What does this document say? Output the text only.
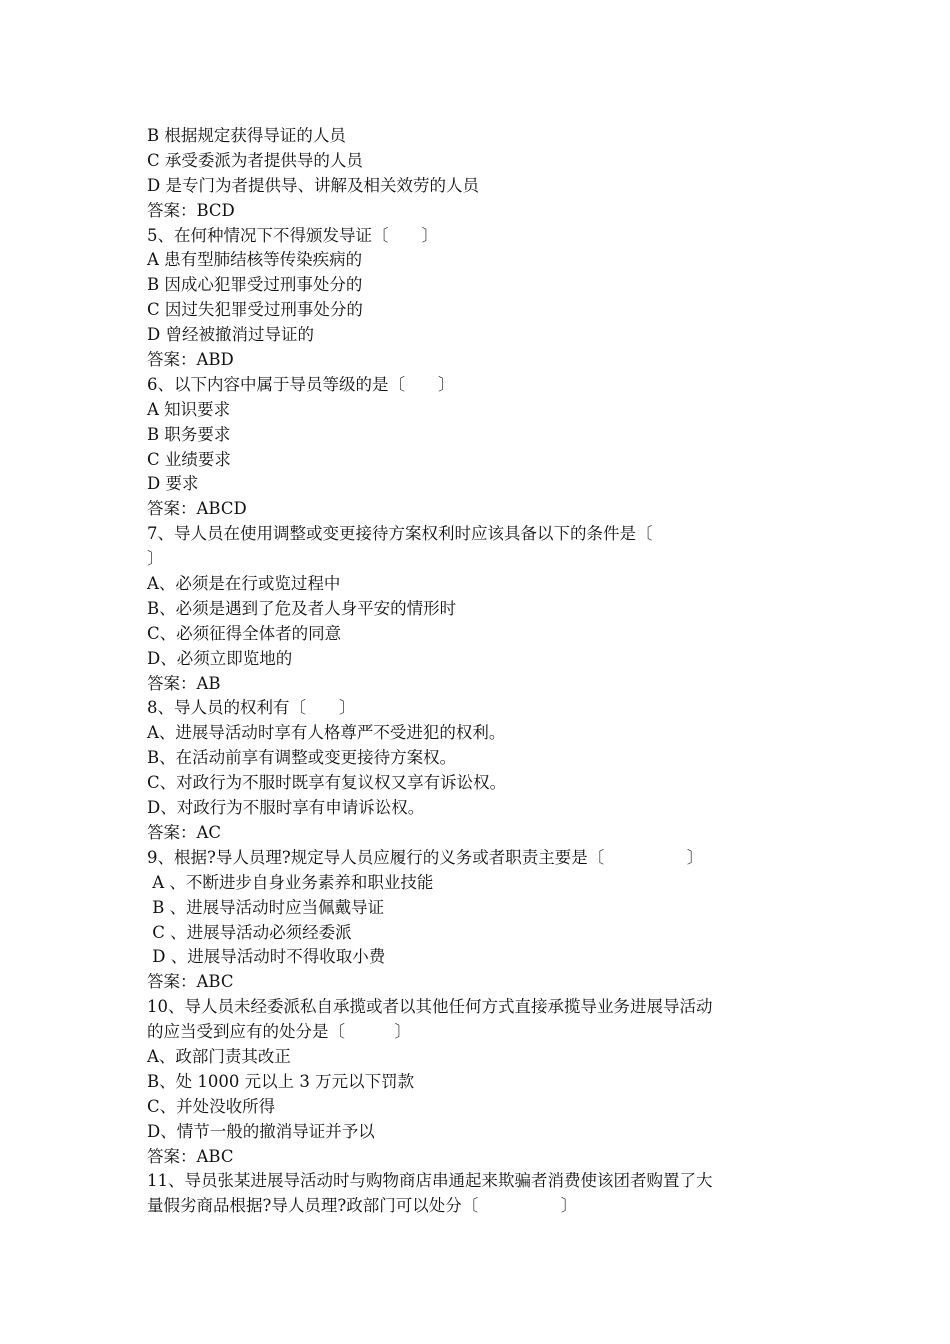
B 根据规定获得导证的人员
C 承受委派为者提供导的人员
D 是专门为者提供导、讲解及相关效劳的人员
答案：BCD
5、在何种情况下不得颁发导证〔　　〕
A 患有型肺结核等传染疾病的
B 因成心犯罪受过刑事处分的
C 因过失犯罪受过刑事处分的
D 曾经被撤消过导证的
答案：ABD
6、以下内容中属于导员等级的是〔　　〕
A 知识要求
B 职务要求
C 业绩要求
D 要求
答案：ABCD
7、导人员在使用调整或变更接待方案权利时应该具备以下的条件是〔
〕
A、必须是在行或览过程中
B、必须是遇到了危及者人身平安的情形时
C、必须征得全体者的同意
D、必须立即览地的
答案：AB
8、导人员的权利有〔　　〕
A、进展导活动时享有人格尊严不受进犯的权利。
B、在活动前享有调整或变更接待方案权。
C、对政行为不服时既享有复议权又享有诉讼权。
D、对政行为不服时享有申请诉讼权。
答案：AC
9、根据?导人员理?规定导人员应履行的义务或者职责主要是〔　　　　　〕
A 、不断进步自身业务素养和职业技能
B 、进展导活动时应当佩戴导证
C 、进展导活动必须经委派
D 、进展导活动时不得收取小费
答案：ABC
10、导人员未经委派私自承揽或者以其他任何方式直接承揽导业务进展导活动
的应当受到应有的处分是〔　　　〕
A、政部门责其改正
B、处 1000 元以上 3 万元以下罚款
C、并处没收所得
D、情节一般的撤消导证并予以
答案：ABC
11、导员张某进展导活动时与购物商店串通起来欺骗者消费使该团者购置了大
量假劣商品根据?导人员理?政部门可以处分〔　　　　　〕
